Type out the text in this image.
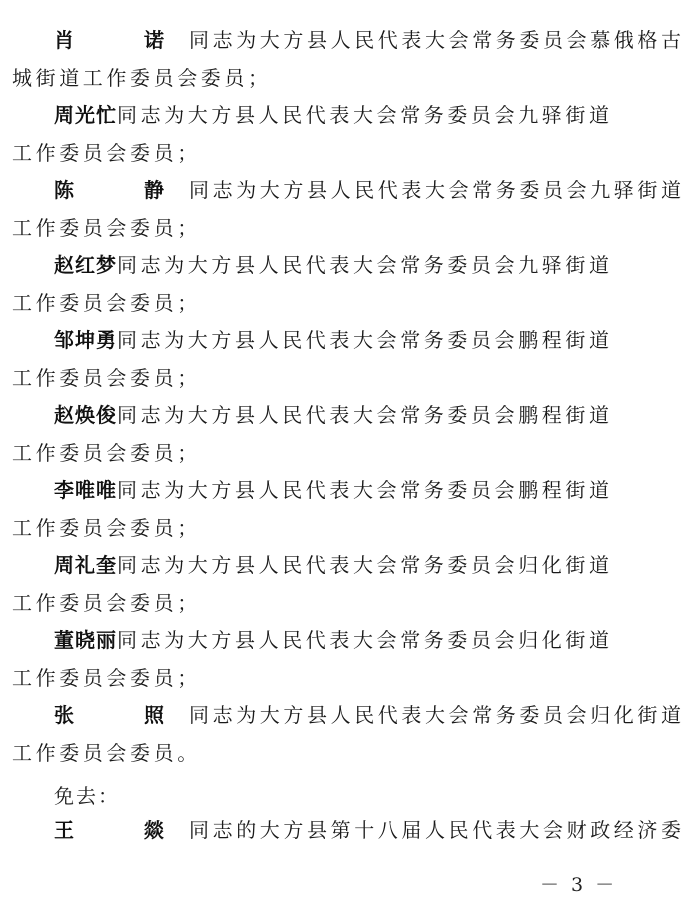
肖　诺同志为大方县人民代表大会常务委员会慕俄格古
城街道工作委员会委员；
周光忙同志为大方县人民代表大会常务委员会九驿街道
工作委员会委员；
陈　静同志为大方县人民代表大会常务委员会九驿街道
工作委员会委员；
赵红梦同志为大方县人民代表大会常务委员会九驿街道
工作委员会委员；
邹坤勇同志为大方县人民代表大会常务委员会鹏程街道
工作委员会委员；
赵焕俊同志为大方县人民代表大会常务委员会鹏程街道
工作委员会委员；
李唯唯同志为大方县人民代表大会常务委员会鹏程街道
工作委员会委员；
周礼奎同志为大方县人民代表大会常务委员会归化街道
工作委员会委员；
董晓丽同志为大方县人民代表大会常务委员会归化街道
工作委员会委员；
张　照同志为大方县人民代表大会常务委员会归化街道
工作委员会委员。
免去：
王　燚同志的大方县第十八届人民代表大会财政经济委
－ 3 －
